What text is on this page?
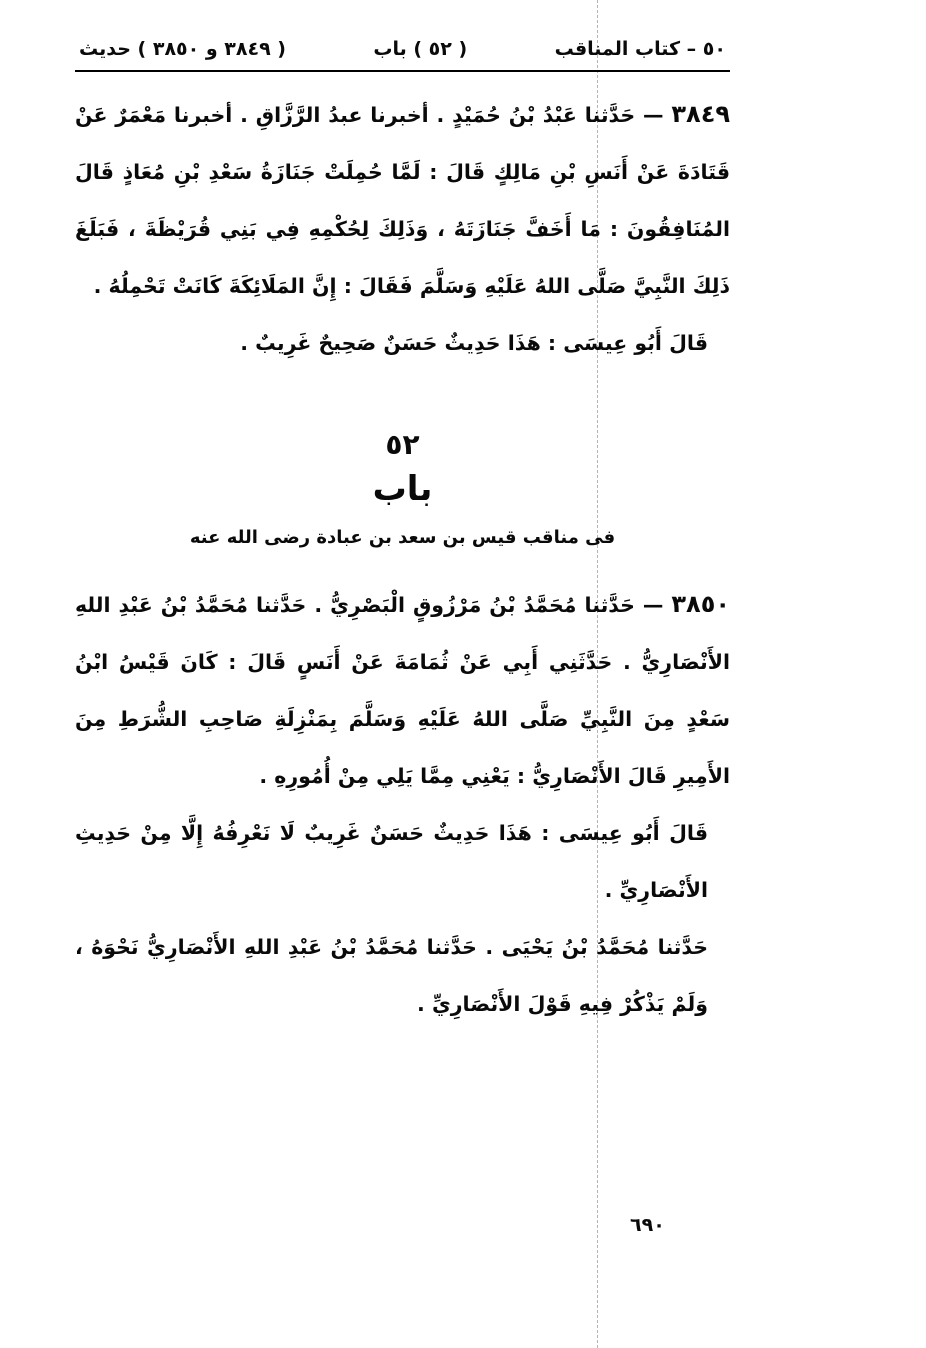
٥٠ – كتاب المناقب
( ٥٢ ) باب
( ٣٨٤٩ و ٣٨٥٠ ) حديث

٣٨٤٩ — حَدَّثنا عَبْدُ بْنُ حُمَيْدٍ . أخبرنا عبدُ الرَّزَّاقِ . أخبرنا مَعْمَرٌ عَنْ قَتَادَةَ عَنْ أَنَسِ بْنِ مَالِكٍ قَالَ : لَمَّا حُمِلَتْ جَنَازَةُ سَعْدِ بْنِ مُعَاذٍ قَالَ المُنَافِقُونَ : مَا أَخَفَّ جَنَازَتَهُ ، وَذَلِكَ لِحُكْمِهِ فِي بَنِي قُرَيْظَةَ ، فَبَلَغَ ذَلِكَ النَّبِيَّ صَلَّى اللهُ عَلَيْهِ وَسَلَّمَ فَقَالَ : إِنَّ المَلَائِكَةَ كَانَتْ تَحْمِلُهُ .

قَالَ أَبُو عِيسَى : هَذَا حَدِيثٌ حَسَنٌ صَحِيحٌ غَرِيبٌ .

٥٢
باب
فى مناقب قيس بن سعد بن عبادة رضى الله عنه

٣٨٥٠ — حَدَّثنا مُحَمَّدُ بْنُ مَرْزُوقٍ الْبَصْرِيُّ . حَدَّثنا مُحَمَّدُ بْنُ عَبْدِ اللهِ الأَنْصَارِيُّ . حَدَّثَنِي أَبِي عَنْ ثُمَامَةَ عَنْ أَنَسٍ قَالَ : كَانَ قَيْسُ ابْنُ سَعْدٍ مِنَ النَّبِيِّ صَلَّى اللهُ عَلَيْهِ وَسَلَّمَ بِمَنْزِلَةِ صَاحِبِ الشُّرَطِ مِنَ الأَمِيرِ قَالَ الأَنْصَارِيُّ : يَعْنِي مِمَّا يَلِي مِنْ أُمُورِهِ .

قَالَ أَبُو عِيسَى : هَذَا حَدِيثٌ حَسَنٌ غَرِيبٌ لَا نَعْرِفُهُ إِلَّا مِنْ حَدِيثِ الأَنْصَارِيِّ .

حَدَّثنا مُحَمَّدُ بْنُ يَحْيَى . حَدَّثنا مُحَمَّدُ بْنُ عَبْدِ اللهِ الأَنْصَارِيُّ نَحْوَهُ ، وَلَمْ يَذْكُرْ فِيهِ قَوْلَ الأَنْصَارِيِّ .

٦٩٠
